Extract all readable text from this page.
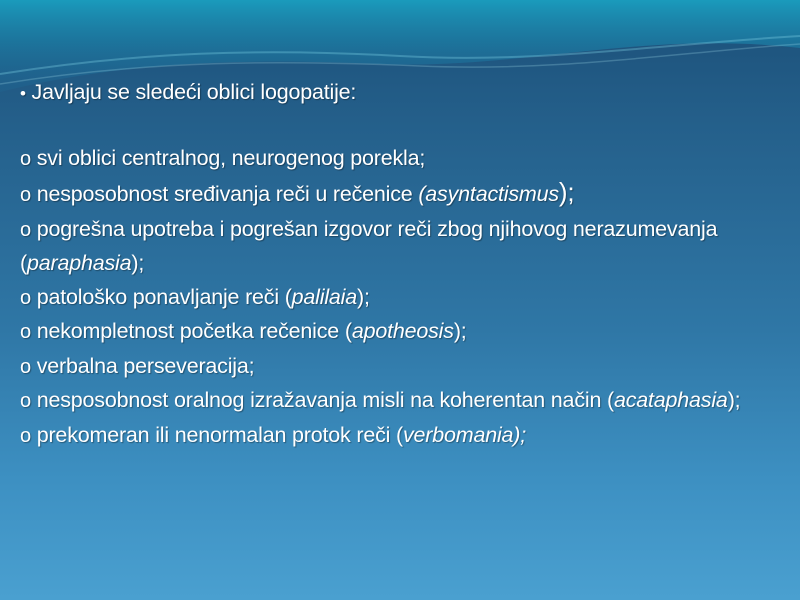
• Javljaju se sledeći oblici logopatije:
o svi oblici centralnog, neurogenog porekla;
o nesposobnost sređivanja reči u rečenice (asyntactismus);
o pogrešna upotreba i pogrešan izgovor reči zbog njihovog nerazumevanja (paraphasia);
o patološko ponavljanje reči (palilaia);
o nekompletnost početka rečenice (apotheosis);
o verbalna perseveracija;
o nesposobnost oralnog izražavanja misli na koherentan način (acataphasia);
o prekomeran ili nenormalan protok reči (verbomania);
